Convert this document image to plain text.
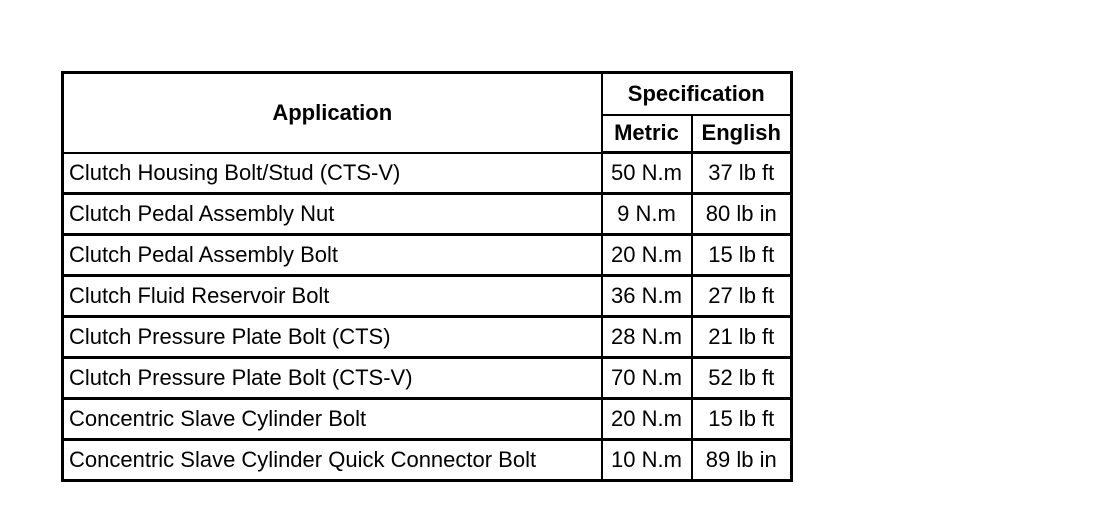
Application	Specification	
	Metric	English
Clutch Housing Bolt/Stud (CTS-V)	50 N.m	37 lb ft
Clutch Pedal Assembly Nut	9 N.m	80 lb in
Clutch Pedal Assembly Bolt	20 N.m	15 lb ft
Clutch Fluid Reservoir Bolt	36 N.m	27 lb ft
Clutch Pressure Plate Bolt (CTS)	28 N.m	21 lb ft
Clutch Pressure Plate Bolt (CTS-V)	70 N.m	52 lb ft
Concentric Slave Cylinder Bolt	20 N.m	15 lb ft
Concentric Slave Cylinder Quick Connector Bolt	10 N.m	89 lb in
